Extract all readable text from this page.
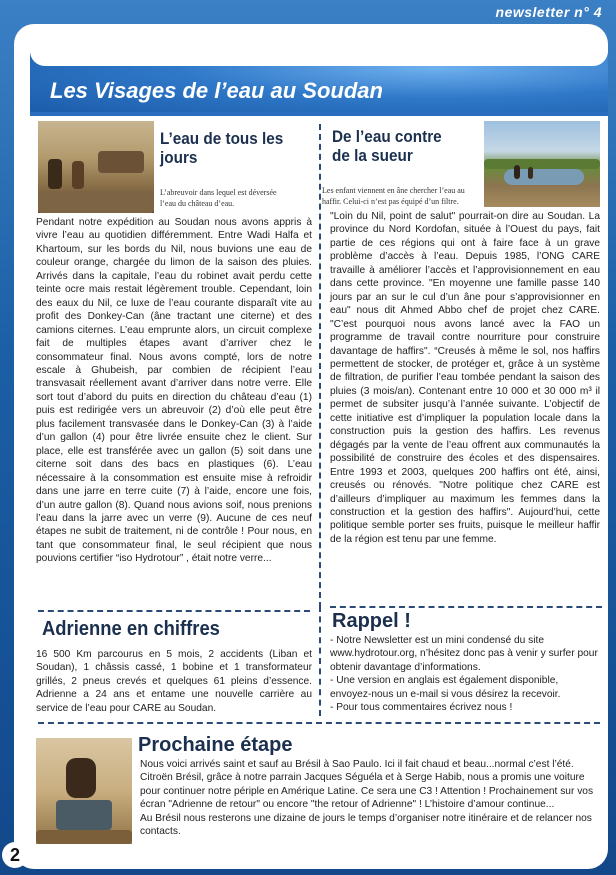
newsletter n° 4
Les Visages de l’eau au Soudan
L’eau de tous les
jours
L’abreuvoir dans lequel est déversée
l’eau du château d’eau.
Pendant notre expédition au Soudan nous avons appris à vivre l’eau au quotidien différemment. Entre Wadi Halfa et Khartoum, sur les bords du Nil, nous buvions une eau de couleur orange, chargée du limon de la saison des pluies. Arrivés dans la capitale, l’eau du robinet avait perdu cette teinte ocre mais restait légèrement trouble. Cependant, loin des eaux du Nil, ce luxe de l’eau courante disparaît vite au profit des Donkey-Can (âne tractant une citerne) et des camions citernes. L’eau emprunte alors, un circuit complexe fait de multiples étapes avant d’arriver chez le consommateur final. Nous avons compté, lors de notre escale à Ghubeish, par combien de récipient l’eau transvasait réellement avant d’arriver dans notre verre. Elle sort tout d’abord du puits en direction du château d’eau (1) puis est redirigée vers un abreuvoir (2) d’où elle peut être plus facilement transvasée dans le Donkey-Can (3) à l’aide d’un gallon (4) pour être livrée ensuite chez le client. Sur place, elle est transférée avec un gallon (5) soit dans une citerne soit dans des bacs en plastiques (6). L’eau nécessaire à la consommation est ensuite mise à refroidir dans une jarre en terre cuite (7) à l’aide, encore une fois, d’un autre gallon (8). Quand nous avions soif, nous prenions l’eau dans la jarre avec un verre (9). Aucune de ces neuf étapes ne subit de traitement, ni de contrôle ! Pour nous, en tant que consommateur final, le seul récipient que nous pouvions certifier “iso Hydrotour” , était notre verre...
De l’eau contre
de la sueur
Les enfant viennent en âne chercher l’eau au
haffir. Celui-ci n’est pas équipé d’un filtre.
"Loin du Nil, point de salut" pourrait-on dire au Soudan. La province du Nord Kordofan, située à l’Ouest du pays, fait partie de ces régions qui ont à faire face à un grave problème d’accès à l’eau. Depuis 1985, l’ONG CARE travaille à améliorer l’accès et l’approvisionnement en eau dans cette province. "En moyenne une famille passe 140 jours par an sur le cul d’un âne pour s’approvisionner en eau" nous dit Ahmed Abbo chef de projet chez CARE. "C’est pourquoi nous avons lancé avec la FAO un programme de travail contre nourriture pour construire davantage de haffirs". “Creusés à même le sol, nos haffirs permettent de stocker, de protéger et, grâce à un système de filtration, de purifier l’eau tombée pendant la saison des pluies (3 mois/an). Contenant entre 10 000 et 30 000 m³ il permet de subsiter jusqu’à l’année suivante. L’objectif de cette initiative est d’impliquer la population locale dans la construction puis la gestion des haffirs. Les revenus dégagés par la vente de l’eau offrent aux communautés la possibilité de construire des écoles et des dispensaires. Entre 1993 et 2003, quelques 200 haffirs ont été, ainsi, creusés ou rénovés. "Notre politique chez CARE est d’ailleurs d’impliquer au maximum les femmes dans la construction et la gestion des haffirs". Aujourd’hui, cette politique semble porter ses fruits, puisque le meilleur haffir de la région est tenu par une femme.
Adrienne en chiffres
16 500 Km parcourus en 5 mois, 2 accidents (Liban et Soudan), 1 châssis cassé, 1 bobine et 1 transformateur grillés, 2 pneus crevés et quelques 61 pleins d’essence. Adrienne a 24 ans et entame une nouvelle carrière au service de l’eau pour CARE au Soudan.
Rappel !
- Notre Newsletter est un mini condensé du site www.hydrotour.org, n’hésitez donc pas à venir y surfer pour obtenir davantage d’informations.
- Une version en anglais est également disponible, envoyez-nous un e-mail si vous désirez la recevoir.
- Pour tous commentaires écrivez nous !
Prochaine étape
Nous voici arrivés saint et sauf au Brésil à Sao Paulo. Ici il fait chaud et beau...normal c’est l’été. Citroën Brésil, grâce à notre parrain Jacques Séguéla et à Serge Habib, nous a promis une voiture pour continuer notre périple en Amérique Latine. Ce sera une C3 ! Attention ! Prochainement sur vos écran "Adrienne de retour" ou encore "the retour of Adrienne" ! L’histoire d’amour continue...
Au Brésil nous resterons une dizaine de jours le temps d’organiser notre itinéraire et de relancer nos contacts.
www.hydrotour.org
2
